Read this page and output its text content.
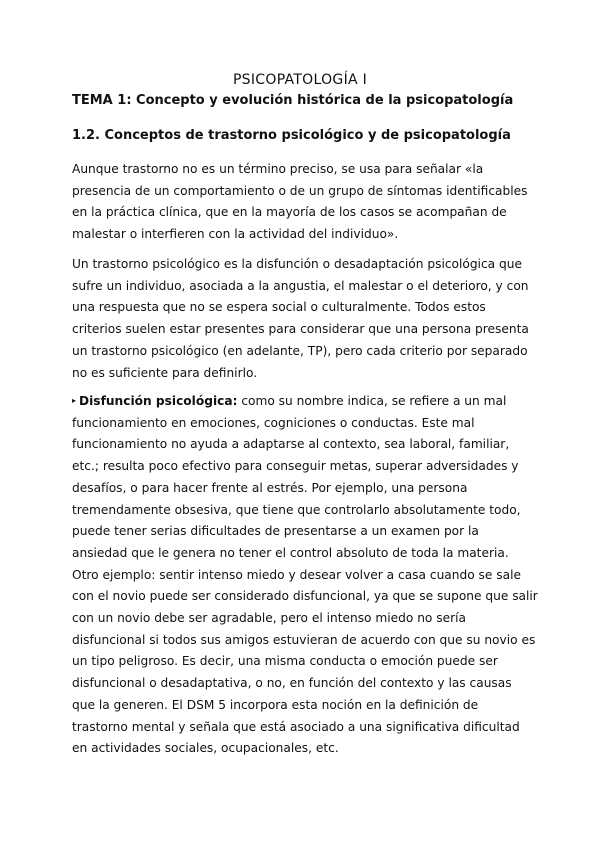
PSICOPATOLOGÍA I
TEMA 1: Concepto y evolución histórica de la psicopatología
1.2. Conceptos de trastorno psicológico y de psicopatología
Aunque trastorno no es un término preciso, se usa para señalar «la
presencia de un comportamiento o de un grupo de síntomas identificables
en la práctica clínica, que en la mayoría de los casos se acompañan de
malestar o interfieren con la actividad del individuo».
Un trastorno psicológico es la disfunción o desadaptación psicológica que
sufre un individuo, asociada a la angustia, el malestar o el deterioro, y con
una respuesta que no se espera social o culturalmente. Todos estos
criterios suelen estar presentes para considerar que una persona presenta
un trastorno psicológico (en adelante, TP), pero cada criterio por separado
no es suficiente para definirlo.
▸ Disfunción psicológica: como su nombre indica, se refiere a un mal
funcionamiento en emociones, cogniciones o conductas. Este mal
funcionamiento no ayuda a adaptarse al contexto, sea laboral, familiar,
etc.; resulta poco efectivo para conseguir metas, superar adversidades y
desafíos, o para hacer frente al estrés. Por ejemplo, una persona
tremendamente obsesiva, que tiene que controlarlo absolutamente todo,
puede tener serias dificultades de presentarse a un examen por la
ansiedad que le genera no tener el control absoluto de toda la materia.
Otro ejemplo: sentir intenso miedo y desear volver a casa cuando se sale
con el novio puede ser considerado disfuncional, ya que se supone que salir
con un novio debe ser agradable, pero el intenso miedo no sería
disfuncional si todos sus amigos estuvieran de acuerdo con que su novio es
un tipo peligroso. Es decir, una misma conducta o emoción puede ser
disfuncional o desadaptativa, o no, en función del contexto y las causas
que la generen. El DSM 5 incorpora esta noción en la definición de
trastorno mental y señala que está asociado a una significativa dificultad
en actividades sociales, ocupacionales, etc.
